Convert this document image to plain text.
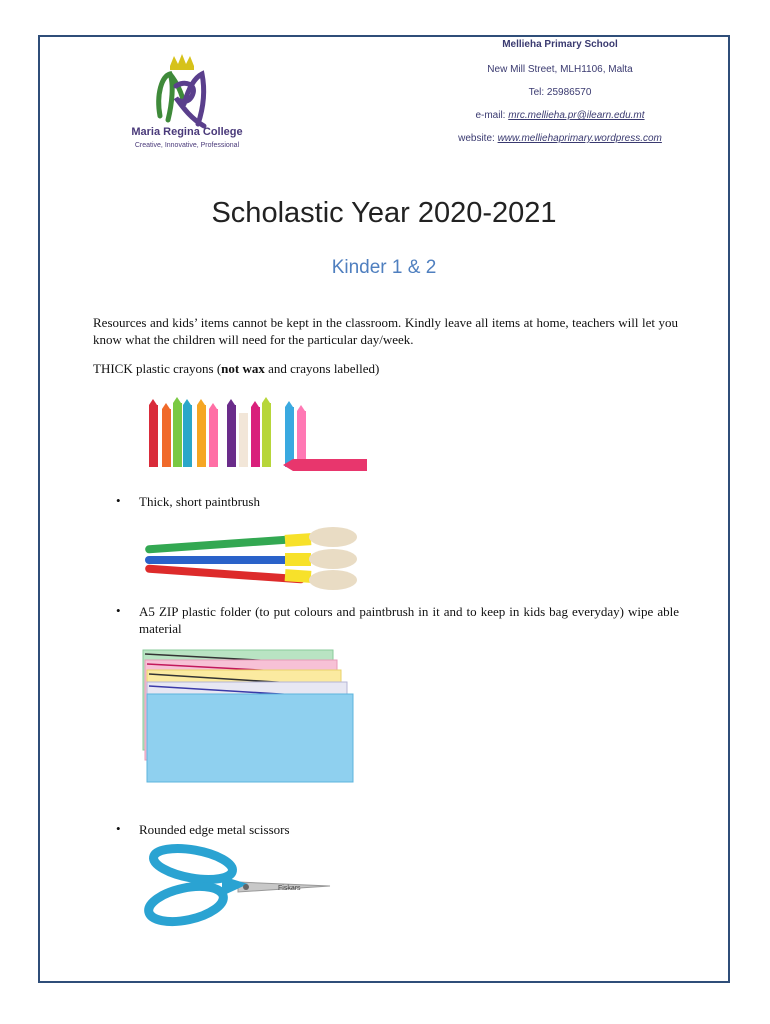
Maria Regina College
Creative, Innovative, Professional
Mellieha Primary School
New Mill Street, MLH1106, Malta
Tel: 25986570
e-mail: mrc.mellieha.pr@ilearn.edu.mt
website: www.melliehaprimary.wordpress.com
Scholastic Year 2020-2021
Kinder 1 & 2
Resources and kids’ items cannot be kept in the classroom. Kindly leave all items at home, teachers will let you know what the children will need for the particular day/week.
THICK plastic crayons (not wax and crayons labelled)
• Thick, short paintbrush
• A5 ZIP plastic folder (to put colours and paintbrush in it and to keep in kids bag everyday) wipe able material
• Rounded edge metal scissors
Fiskars
